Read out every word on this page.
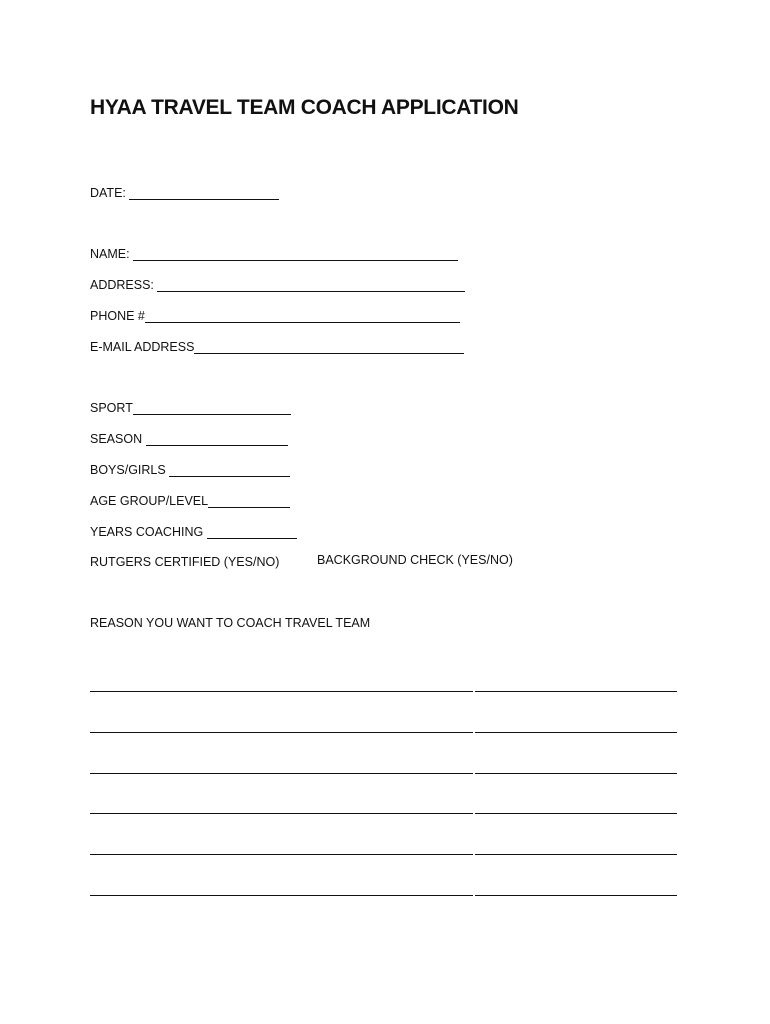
HYAA TRAVEL TEAM COACH APPLICATION
DATE:
NAME:
ADDRESS:
PHONE #
E-MAIL ADDRESS
SPORT
SEASON
BOYS/GIRLS
AGE GROUP/LEVEL
YEARS COACHING
RUTGERS CERTIFIED (YES/NO)	BACKGROUND CHECK (YES/NO)
REASON YOU WANT TO COACH TRAVEL TEAM
